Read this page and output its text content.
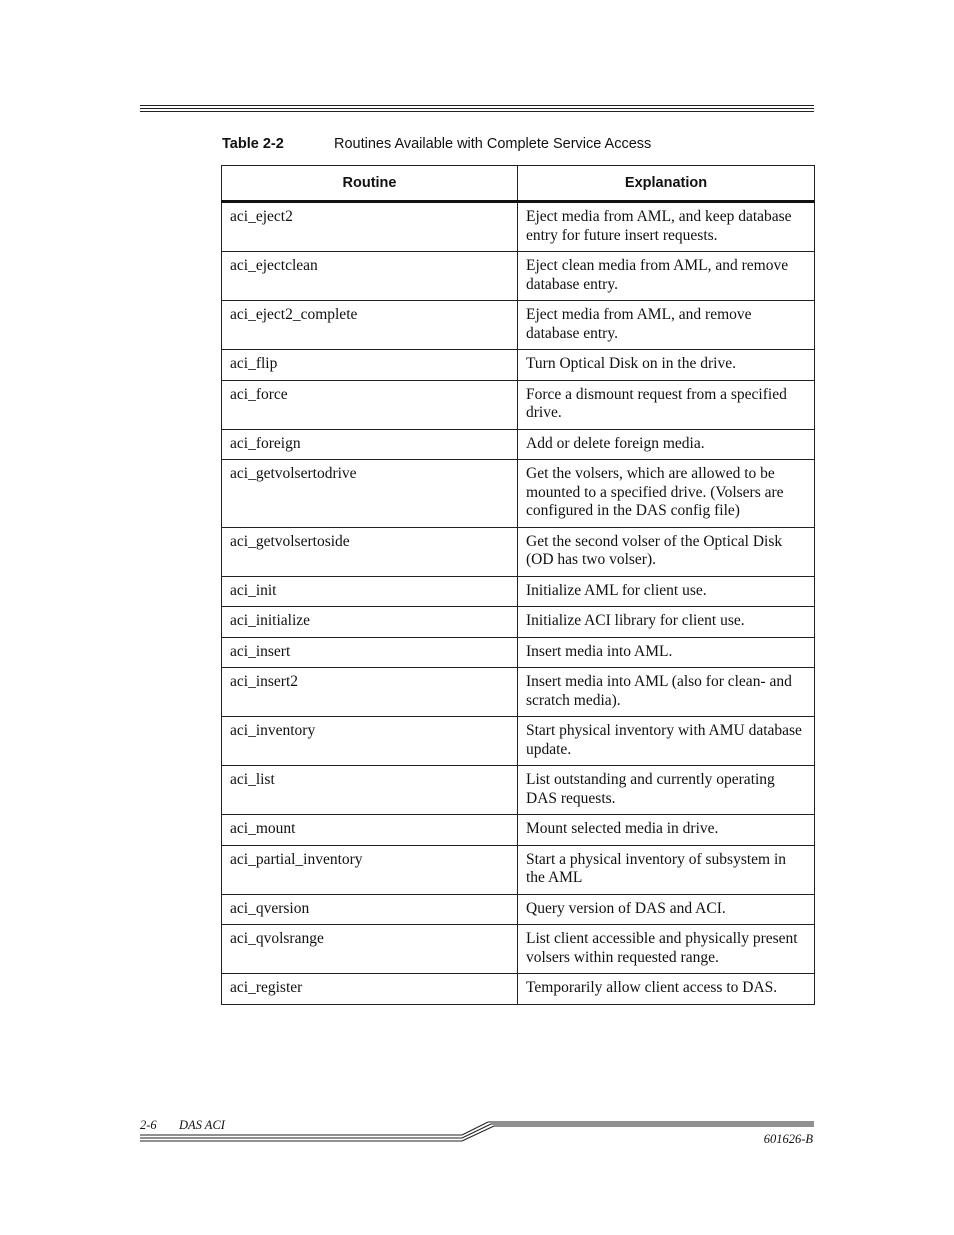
Table 2-2	Routines Available with Complete Service Access
Routine	Explanation
aci_eject2	Eject media from AML, and keep database entry for future insert requests.
aci_ejectclean	Eject clean media from AML, and remove database entry.
aci_eject2_complete	Eject media from AML, and remove database entry.
aci_flip	Turn Optical Disk on in the drive.
aci_force	Force a dismount request from a specified drive.
aci_foreign	Add or delete foreign media.
aci_getvolsertodrive	Get the volsers, which are allowed to be mounted to a specified drive. (Volsers are configured in the DAS config file)
aci_getvolsertoside	Get the second volser of the Optical Disk (OD has two volser).
aci_init	Initialize AML for client use.
aci_initialize	Initialize ACI library for client use.
aci_insert	Insert media into AML.
aci_insert2	Insert media into AML (also for clean- and scratch media).
aci_inventory	Start physical inventory with AMU database update.
aci_list	List outstanding and currently operating DAS requests.
aci_mount	Mount selected media in drive.
aci_partial_inventory	Start a physical inventory of subsystem in the AML
aci_qversion	Query version of DAS and ACI.
aci_qvolsrange	List client accessible and physically present volsers within requested range.
aci_register	Temporarily allow client access to DAS.
2-6 DAS ACI
601626-B
